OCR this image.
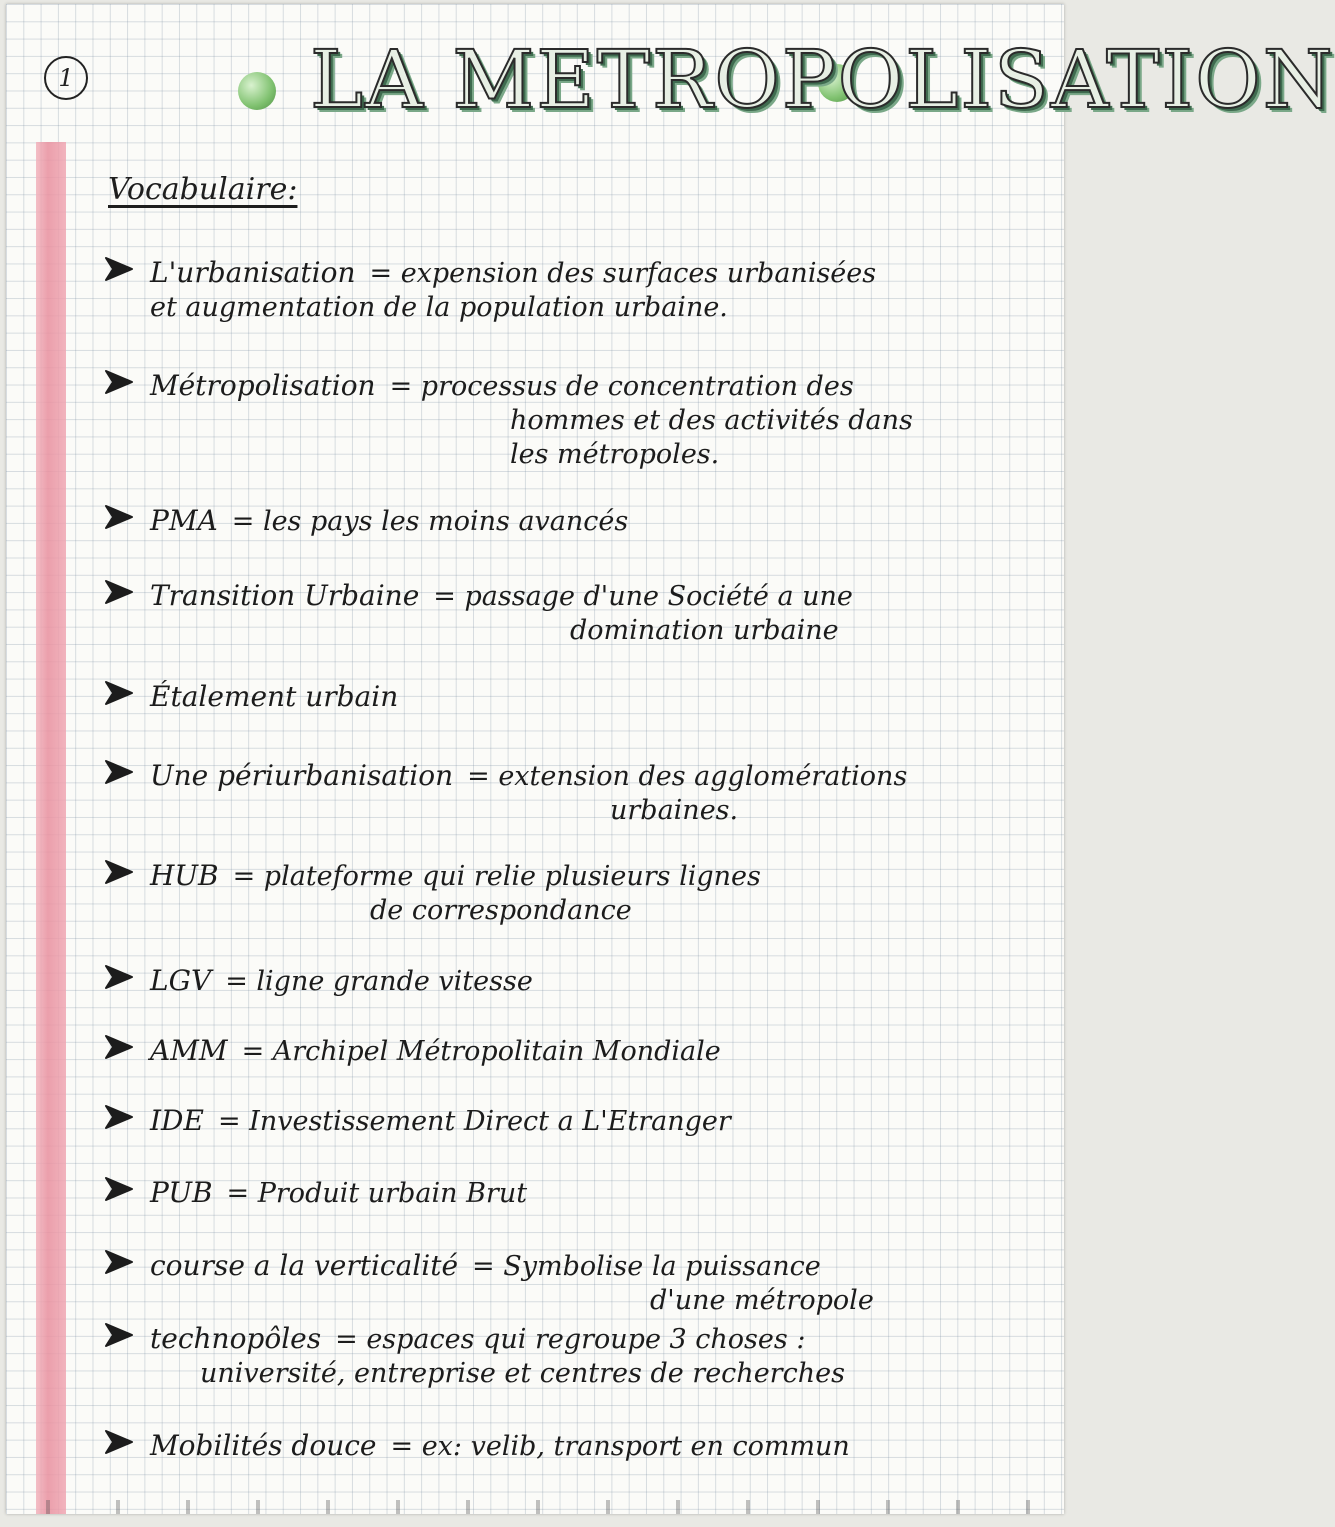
1	LA METROPOLISATION
Vocabulaire:
L'urbanisation = expension des surfaces urbanisées
et augmentation de la population urbaine.
Métropolisation = processus de concentration des
hommes et des activités dans
les métropoles.
PMA = les pays les moins avancés
Transition Urbaine = passage d'une Société a une
domination urbaine
Étalement urbain
Une périurbanisation = extension des agglomérations
urbaines.
HUB = plateforme qui relie plusieurs lignes
de correspondance
LGV = ligne grande vitesse
AMM = Archipel Métropolitain Mondiale
IDE = Investissement Direct a L'Etranger
PUB = Produit urbain Brut
course a la verticalité = Symbolise la puissance
d'une métropole
technopôles = espaces qui regroupe 3 choses :
université, entreprise et centres de recherches
Mobilités douce = ex: velib, transport en commun
